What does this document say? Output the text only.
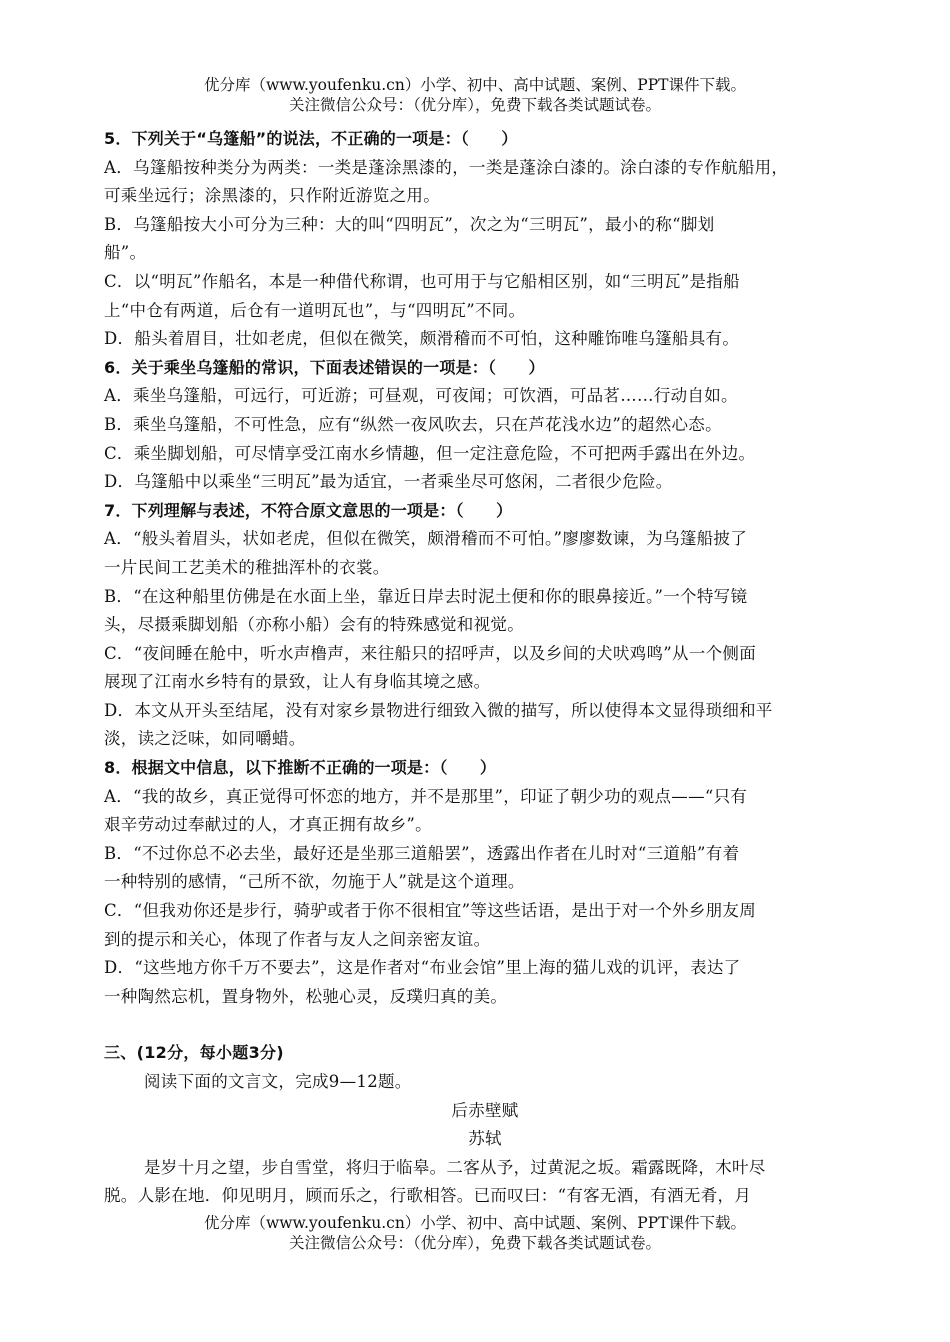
优分库（www.youfenku.cn）小学、初中、高中试题、案例、PPT课件下载。
关注微信公众号：（优分库），免费下载各类试题试卷。
5．下列关于“乌篷船”的说法，不正确的一项是：（　　）
A．乌篷船按种类分为两类：一类是蓬涂黑漆的，一类是蓬涂白漆的。涂白漆的专作航船用，
可乘坐远行；涂黑漆的，只作附近游览之用。
B．乌篷船按大小可分为三种：大的叫“四明瓦”，次之为“三明瓦”，最小的称“脚划
船”。
C．以“明瓦”作船名，本是一种借代称谓，也可用于与它船相区别，如“三明瓦”是指船
上“中仓有两道，后仓有一道明瓦也”，与“四明瓦”不同。
D．船头着眉目，壮如老虎，但似在微笑，颇滑稽而不可怕，这种雕饰唯乌篷船具有。
6．关于乘坐乌篷船的常识，下面表述错误的一项是：（　　）
A．乘坐乌篷船，可远行，可近游；可昼观，可夜闻；可饮酒，可品茗……行动自如。
B．乘坐乌篷船，不可性急，应有“纵然一夜风吹去，只在芦花浅水边”的超然心态。
C．乘坐脚划船，可尽情享受江南水乡情趣，但一定注意危险，不可把两手露出在外边。
D．乌篷船中以乘坐“三明瓦”最为适宜，一者乘坐尽可悠闲，二者很少危险。
7．下列理解与表述，不符合原文意思的一项是：（　　）
A．“般头着眉头，状如老虎，但似在微笑，颇滑稽而不可怕。”廖廖数谏，为乌篷船披了
一片民间工艺美术的稚拙浑朴的衣裳。
B．“在这种船里仿佛是在水面上坐，靠近日岸去时泥土便和你的眼鼻接近。”一个特写镜
头，尽摄乘脚划船（亦称小船）会有的特殊感觉和视觉。
C．“夜间睡在舱中，听水声橹声，来往船只的招呼声，以及乡间的犬吠鸡鸣”从一个侧面
展现了江南水乡特有的景致，让人有身临其境之感。
D．本文从开头至结尾，没有对家乡景物进行细致入微的描写，所以使得本文显得琐细和平
淡，读之泛味，如同嚼蜡。
8．根据文中信息，以下推断不正确的一项是：（　　）
A．“我的故乡，真正觉得可怀恋的地方，并不是那里”，印证了朝少功的观点——“只有
艰辛劳动过奉献过的人，才真正拥有故乡”。
B．“不过你总不必去坐，最好还是坐那三道船罢”，透露出作者在儿时对“三道船”有着
一种特别的感情，“己所不欲，勿施于人”就是这个道理。
C．“但我劝你还是步行，骑驴或者于你不很相宜”等这些话语，是出于对一个外乡朋友周
到的提示和关心，体现了作者与友人之间亲密友谊。
D．“这些地方你千万不要去”，这是作者对“布业会馆”里上海的猫儿戏的讥评，表达了
一种陶然忘机，置身物外，松驰心灵，反璞归真的美。
三、(12分，每小题3分)
阅读下面的文言文，完成9—12题。
后赤壁赋
苏轼
是岁十月之望，步自雪堂，将归于临皋。二客从予，过黄泥之坂。霜露既降，木叶尽
脱。人影在地．仰见明月，顾而乐之，行歌相答。已而叹曰：“有客无酒，有酒无肴，月
优分库（www.youfenku.cn）小学、初中、高中试题、案例、PPT课件下载。
关注微信公众号：（优分库），免费下载各类试题试卷。
